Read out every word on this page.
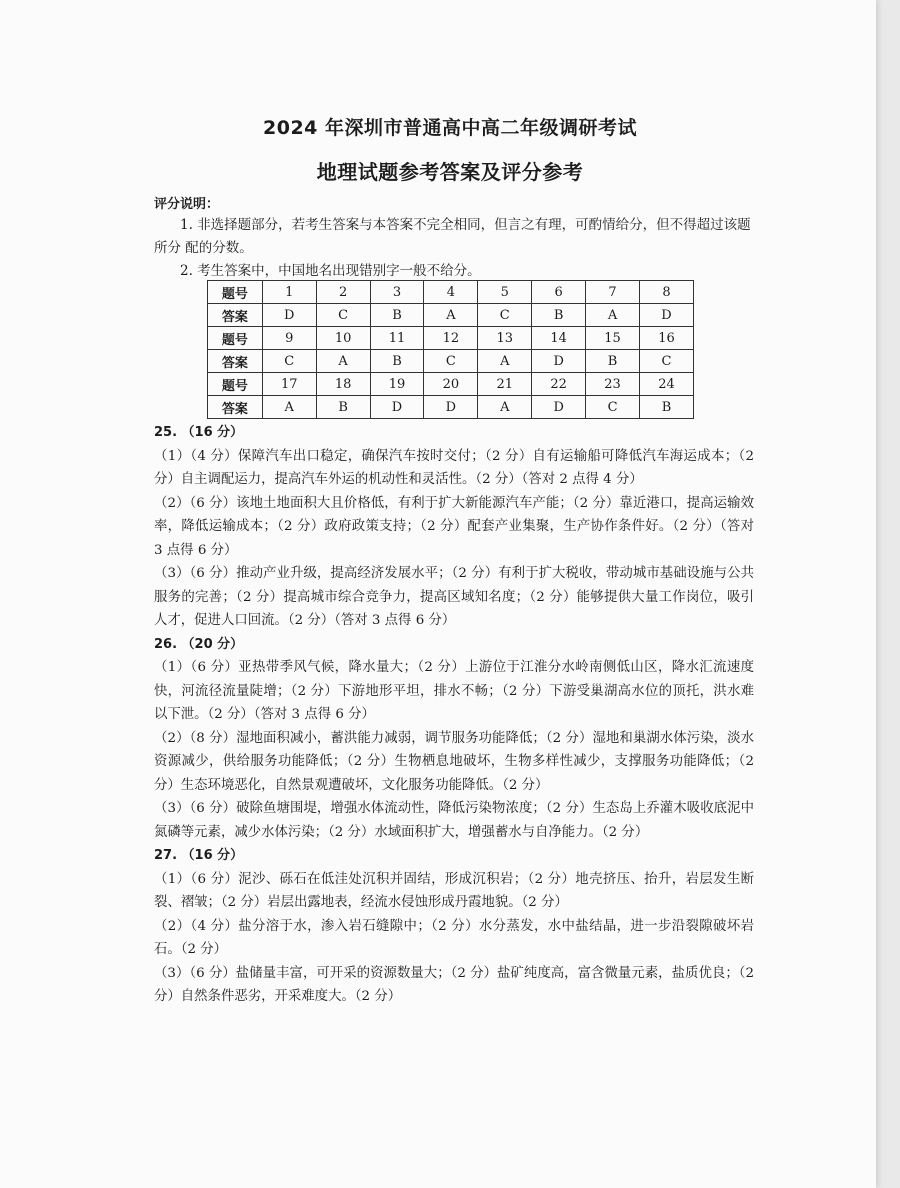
2024 年深圳市普通高中高二年级调研考试
地理试题参考答案及评分参考
评分说明：

1. 非选择题部分，若考生答案与本答案不完全相同，但言之有理，可酌情给分，但不得超过该题所分 配的分数。

2. 考生答案中，中国地名出现错别字一般不给分。

题号	1	2	3	4	5	6	7	8
答案	D	C	B	A	C	B	A	D
题号	9	10	11	12	13	14	15	16
答案	C	A	B	C	A	D	B	C
题号	17	18	19	20	21	22	23	24
答案	A	B	D	D	A	D	C	B

25. （16 分）

（1）（4 分）保障汽车出口稳定，确保汽车按时交付；（2 分）自有运输船可降低汽车海运成本；（2 分）自主调配运力，提高汽车外运的机动性和灵活性。（2 分）（答对 2 点得 4 分）

（2）（6 分）该地土地面积大且价格低，有利于扩大新能源汽车产能；（2 分）靠近港口，提高运输效率，降低运输成本；（2 分）政府政策支持；（2 分）配套产业集聚，生产协作条件好。（2 分）（答对 3 点得 6 分）

（3）（6 分）推动产业升级，提高经济发展水平；（2 分）有利于扩大税收，带动城市基础设施与公共服务的完善；（2 分）提高城市综合竞争力，提高区域知名度；（2 分）能够提供大量工作岗位，吸引人才，促进人口回流。（2 分）（答对 3 点得 6 分）

26. （20 分）

（1）（6 分）亚热带季风气候，降水量大；（2 分）上游位于江淮分水岭南侧低山区，降水汇流速度快，河流径流量陡增；（2 分）下游地形平坦，排水不畅；（2 分）下游受巢湖高水位的顶托，洪水难以下泄。（2 分）（答对 3 点得 6 分）

（2）（8 分）湿地面积减小，蓄洪能力减弱，调节服务功能降低；（2 分）湿地和巢湖水体污染，淡水资源减少，供给服务功能降低；（2 分）生物栖息地破坏，生物多样性减少，支撑服务功能降低；（2 分）生态环境恶化，自然景观遭破坏，文化服务功能降低。（2 分）

（3）（6 分）破除鱼塘围堤，增强水体流动性，降低污染物浓度；（2 分）生态岛上乔灌木吸收底泥中氮磷等元素，减少水体污染；（2 分）水域面积扩大，增强蓄水与自净能力。（2 分）

27. （16 分）

（1）（6 分）泥沙、砾石在低洼处沉积并固结，形成沉积岩；（2 分）地壳挤压、抬升，岩层发生断裂、褶皱；（2 分）岩层出露地表，经流水侵蚀形成丹霞地貌。（2 分）

（2）（4 分）盐分溶于水，渗入岩石缝隙中；（2 分）水分蒸发，水中盐结晶，进一步沿裂隙破坏岩石。（2 分）

（3）（6 分）盐储量丰富，可开采的资源数量大；（2 分）盐矿纯度高，富含微量元素，盐质优良；（2 分）自然条件恶劣，开采难度大。（2 分）
